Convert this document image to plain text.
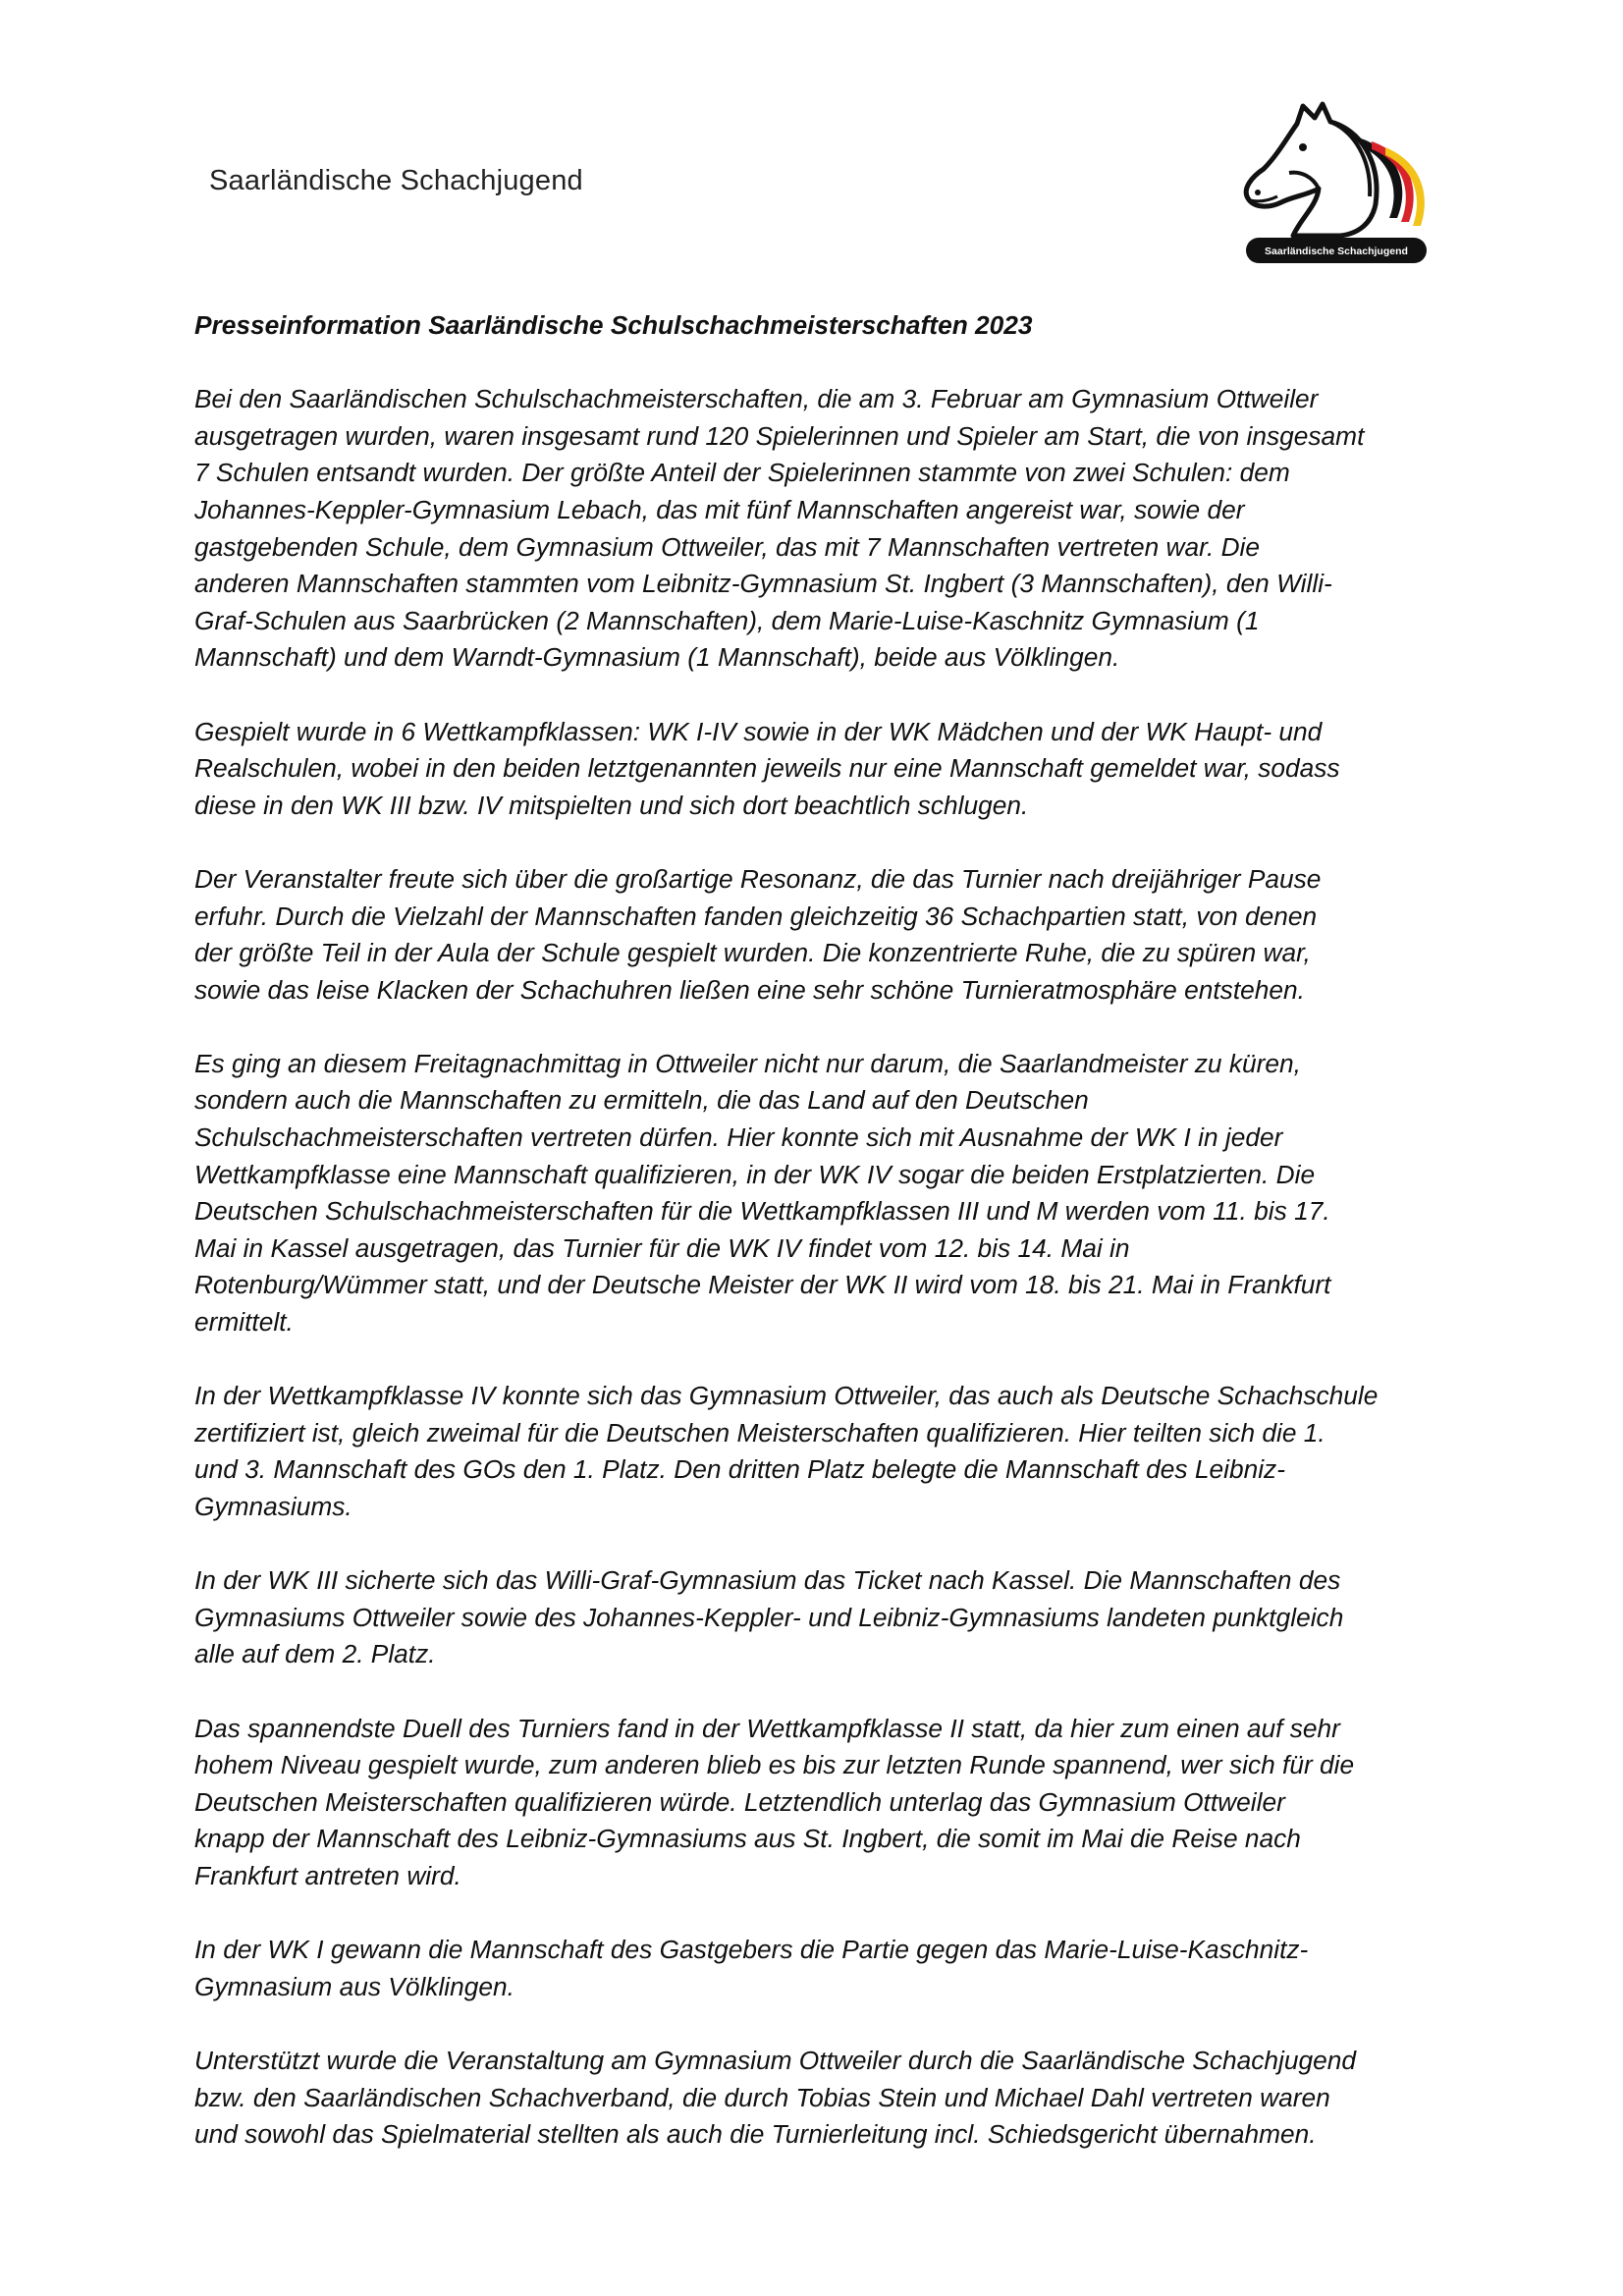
Saarländische Schachjugend
Saarländische Schachjugend
Presseinformation Saarländische Schulschachmeisterschaften 2023
Bei den Saarländischen Schulschachmeisterschaften, die am 3. Februar am Gymnasium Ottweiler
ausgetragen wurden, waren insgesamt rund 120 Spielerinnen und Spieler am Start, die von insgesamt
7 Schulen entsandt wurden. Der größte Anteil der Spielerinnen stammte von zwei Schulen: dem
Johannes-Keppler-Gymnasium Lebach, das mit fünf Mannschaften angereist war, sowie der
gastgebenden Schule, dem Gymnasium Ottweiler, das mit 7 Mannschaften vertreten war. Die
anderen Mannschaften stammten vom Leibnitz-Gymnasium St. Ingbert (3 Mannschaften), den Willi-
Graf-Schulen aus Saarbrücken (2 Mannschaften), dem Marie-Luise-Kaschnitz Gymnasium (1
Mannschaft) und dem Warndt-Gymnasium (1 Mannschaft), beide aus Völklingen.
Gespielt wurde in 6 Wettkampfklassen: WK I-IV sowie in der WK Mädchen und der WK Haupt- und
Realschulen, wobei in den beiden letztgenannten jeweils nur eine Mannschaft gemeldet war, sodass
diese in den WK III bzw. IV mitspielten und sich dort beachtlich schlugen.
Der Veranstalter freute sich über die großartige Resonanz, die das Turnier nach dreijähriger Pause
erfuhr. Durch die Vielzahl der Mannschaften fanden gleichzeitig 36 Schachpartien statt, von denen
der größte Teil in der Aula der Schule gespielt wurden. Die konzentrierte Ruhe, die zu spüren war,
sowie das leise Klacken der Schachuhren ließen eine sehr schöne Turnieratmosphäre entstehen.
Es ging an diesem Freitagnachmittag in Ottweiler nicht nur darum, die Saarlandmeister zu küren,
sondern auch die Mannschaften zu ermitteln, die das Land auf den Deutschen
Schulschachmeisterschaften vertreten dürfen. Hier konnte sich mit Ausnahme der WK I in jeder
Wettkampfklasse eine Mannschaft qualifizieren, in der WK IV sogar die beiden Erstplatzierten. Die
Deutschen Schulschachmeisterschaften für die Wettkampfklassen III und M werden vom 11. bis 17.
Mai in Kassel ausgetragen, das Turnier für die WK IV findet vom 12. bis 14. Mai in
Rotenburg/Wümmer statt, und der Deutsche Meister der WK II wird vom 18. bis 21. Mai in Frankfurt
ermittelt.
In der Wettkampfklasse IV konnte sich das Gymnasium Ottweiler, das auch als Deutsche Schachschule
zertifiziert ist, gleich zweimal für die Deutschen Meisterschaften qualifizieren. Hier teilten sich die 1.
und 3. Mannschaft des GOs den 1. Platz. Den dritten Platz belegte die Mannschaft des Leibniz-
Gymnasiums.
In der WK III sicherte sich das Willi-Graf-Gymnasium das Ticket nach Kassel. Die Mannschaften des
Gymnasiums Ottweiler sowie des Johannes-Keppler- und Leibniz-Gymnasiums landeten punktgleich
alle auf dem 2. Platz.
Das spannendste Duell des Turniers fand in der Wettkampfklasse II statt, da hier zum einen auf sehr
hohem Niveau gespielt wurde, zum anderen blieb es bis zur letzten Runde spannend, wer sich für die
Deutschen Meisterschaften qualifizieren würde. Letztendlich unterlag das Gymnasium Ottweiler
knapp der Mannschaft des Leibniz-Gymnasiums aus St. Ingbert, die somit im Mai die Reise nach
Frankfurt antreten wird.
In der WK I gewann die Mannschaft des Gastgebers die Partie gegen das Marie-Luise-Kaschnitz-
Gymnasium aus Völklingen.
Unterstützt wurde die Veranstaltung am Gymnasium Ottweiler durch die Saarländische Schachjugend
bzw. den Saarländischen Schachverband, die durch Tobias Stein und Michael Dahl vertreten waren
und sowohl das Spielmaterial stellten als auch die Turnierleitung incl. Schiedsgericht übernahmen.
